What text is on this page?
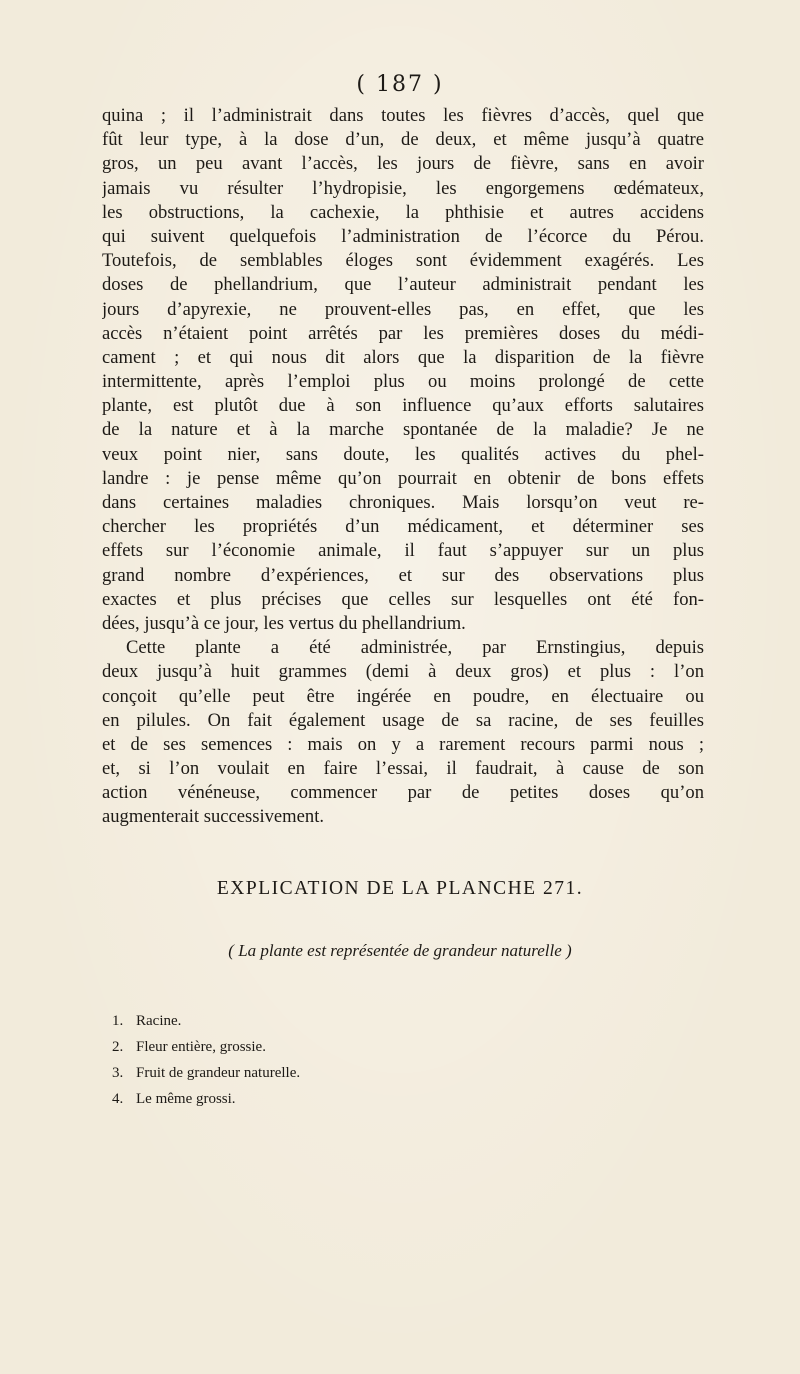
( 187 )
quina ; il l’administrait dans toutes les fièvres d’accès, quel que
fût leur type, à la dose d’un, de deux, et même jusqu’à quatre
gros, un peu avant l’accès, les jours de fièvre, sans en avoir
jamais vu résulter l’hydropisie, les engorgemens œdémateux,
les obstructions, la cachexie, la phthisie et autres accidens
qui suivent quelquefois l’administration de l’écorce du Pérou.
Toutefois, de semblables éloges sont évidemment exagérés. Les
doses de phellandrium, que l’auteur administrait pendant les
jours d’apyrexie, ne prouvent-elles pas, en effet, que les
accès n’étaient point arrêtés par les premières doses du médi-
cament ; et qui nous dit alors que la disparition de la fièvre
intermittente, après l’emploi plus ou moins prolongé de cette
plante, est plutôt due à son influence qu’aux efforts salutaires
de la nature et à la marche spontanée de la maladie? Je ne
veux point nier, sans doute, les qualités actives du phel-
landre : je pense même qu’on pourrait en obtenir de bons effets
dans certaines maladies chroniques. Mais lorsqu’on veut re-
chercher les propriétés d’un médicament, et déterminer ses
effets sur l’économie animale, il faut s’appuyer sur un plus
grand nombre d’expériences, et sur des observations plus
exactes et plus précises que celles sur lesquelles ont été fon-
dées, jusqu’à ce jour, les vertus du phellandrium.
Cette plante a été administrée, par Ernstingius, depuis
deux jusqu’à huit grammes (demi à deux gros) et plus : l’on
conçoit qu’elle peut être ingérée en poudre, en électuaire ou
en pilules. On fait également usage de sa racine, de ses feuilles
et de ses semences : mais on y a rarement recours parmi nous ;
et, si l’on voulait en faire l’essai, il faudrait, à cause de son
action vénéneuse, commencer par de petites doses qu’on
augmenterait successivement.
EXPLICATION DE LA PLANCHE 271.
( La plante est représentée de grandeur naturelle )
1. Racine.
2. Fleur entière, grossie.
3. Fruit de grandeur naturelle.
4. Le même grossi.
